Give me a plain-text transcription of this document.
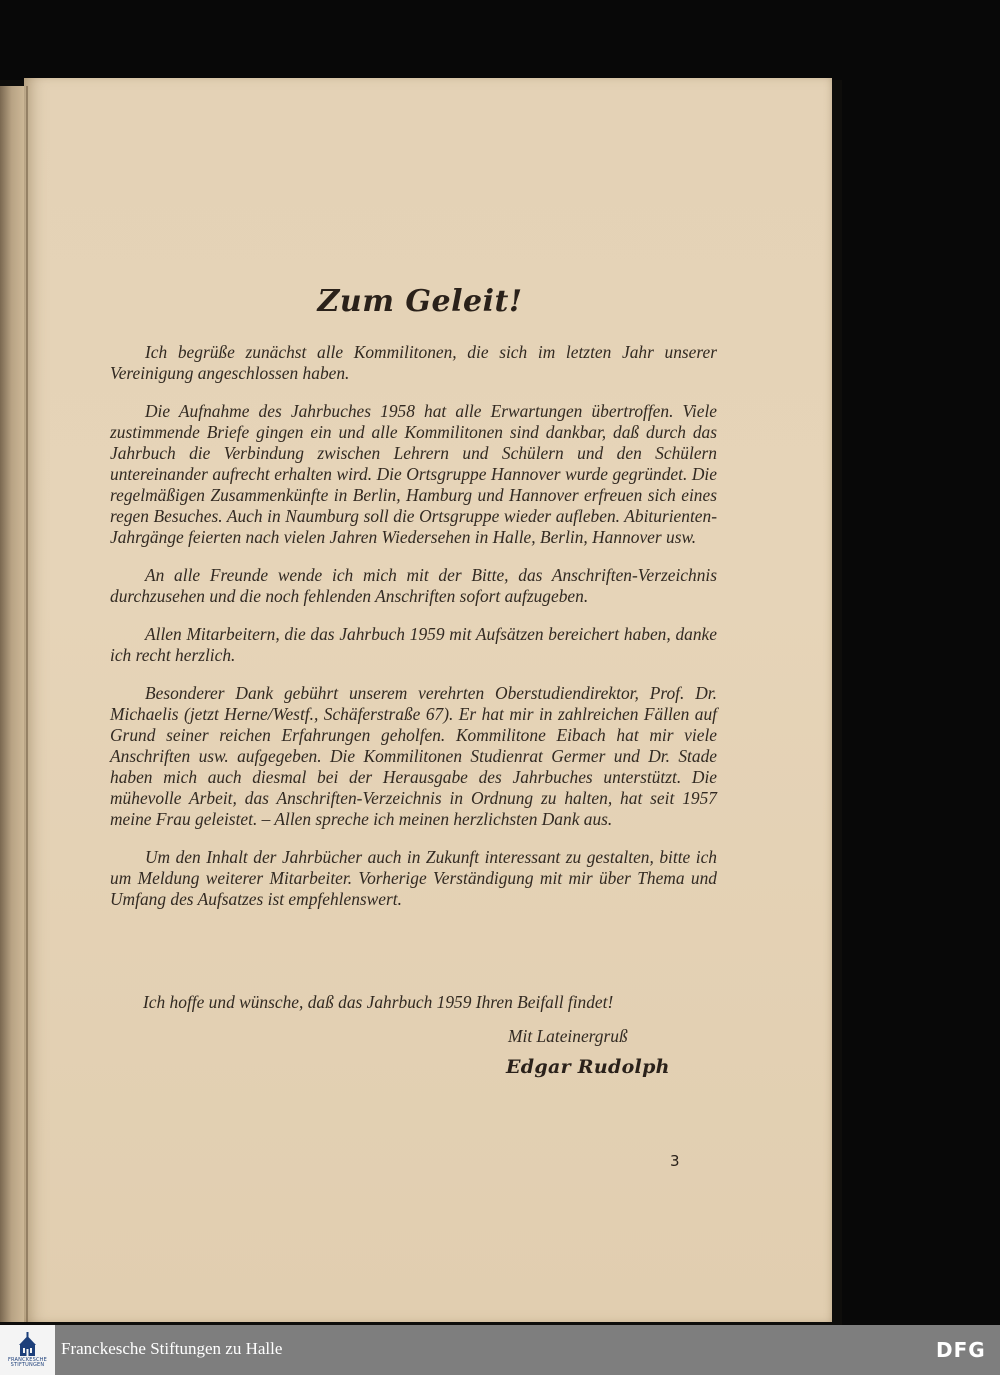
Zum Geleit!

Ich begrüße zunächst alle Kommilitonen, die sich im letzten Jahr unserer Vereinigung angeschlossen haben.

Die Aufnahme des Jahrbuches 1958 hat alle Erwartungen übertroffen. Viele zustimmende Briefe gingen ein und alle Kommilitonen sind dankbar, daß durch das Jahrbuch die Verbindung zwischen Lehrern und Schülern und den Schülern untereinander aufrecht erhalten wird. Die Ortsgruppe Hannover wurde gegründet. Die regelmäßigen Zusammenkünfte in Berlin, Hamburg und Hannover erfreuen sich eines regen Besuches. Auch in Naumburg soll die Ortsgruppe wieder aufleben. Abiturienten-Jahrgänge feierten nach vielen Jahren Wiedersehen in Halle, Berlin, Hannover usw.

An alle Freunde wende ich mich mit der Bitte, das Anschriften-Verzeichnis durchzusehen und die noch fehlenden Anschriften sofort aufzugeben.

Allen Mitarbeitern, die das Jahrbuch 1959 mit Aufsätzen bereichert haben, danke ich recht herzlich.

Besonderer Dank gebührt unserem verehrten Oberstudiendirektor, Prof. Dr. Michaelis (jetzt Herne/Westf., Schäferstraße 67). Er hat mir in zahlreichen Fällen auf Grund seiner reichen Erfahrungen geholfen. Kommilitone Eibach hat mir viele Anschriften usw. aufgegeben. Die Kommilitonen Studienrat Germer und Dr. Stade haben mich auch diesmal bei der Herausgabe des Jahrbuches unterstützt. Die mühevolle Arbeit, das Anschriften-Verzeichnis in Ordnung zu halten, hat seit 1957 meine Frau geleistet. – Allen spreche ich meinen herzlichsten Dank aus.

Um den Inhalt der Jahrbücher auch in Zukunft interessant zu gestalten, bitte ich um Meldung weiterer Mitarbeiter. Vorherige Verständigung mit mir über Thema und Umfang des Aufsatzes ist empfehlenswert.

Ich hoffe und wünsche, daß das Jahrbuch 1959 Ihren Beifall findet!

Mit Lateinergruß

Edgar Rudolph

3
FRANCKESCHE STIFTUNGEN
Franckesche Stiftungen zu Halle	DFG
